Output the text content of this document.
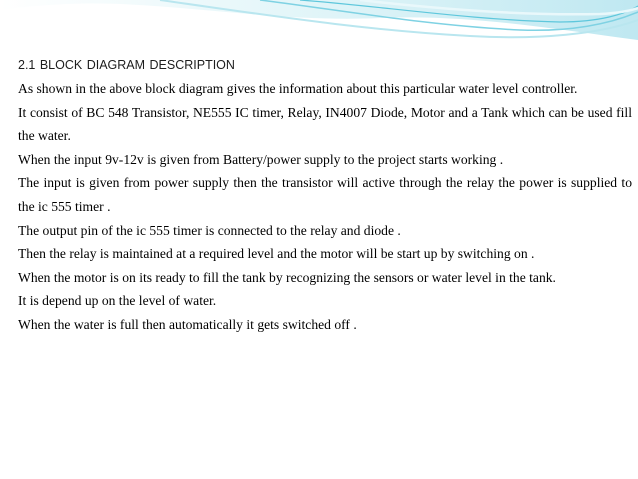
2.1 BLOCK DIAGRAM DESCRIPTION

As shown in the above block diagram gives the information about this particular water level controller.

It consist of BC 548 Transistor, NE555 IC timer, Relay, IN4007 Diode, Motor and a Tank which can be used fill the water.

When the input 9v-12v is given from Battery/power supply to the project starts working .

The input is given from power supply then the transistor will active through the relay the power is supplied to the ic 555 timer .

The output pin of the ic 555 timer is connected to the relay and diode .

Then the relay is maintained at a required level and the motor will be start up by switching on .

When the motor is on its ready to fill the tank by recognizing the sensors or water level in the tank.

It is depend up on the level of water.

When the water is full then automatically it gets switched off .
